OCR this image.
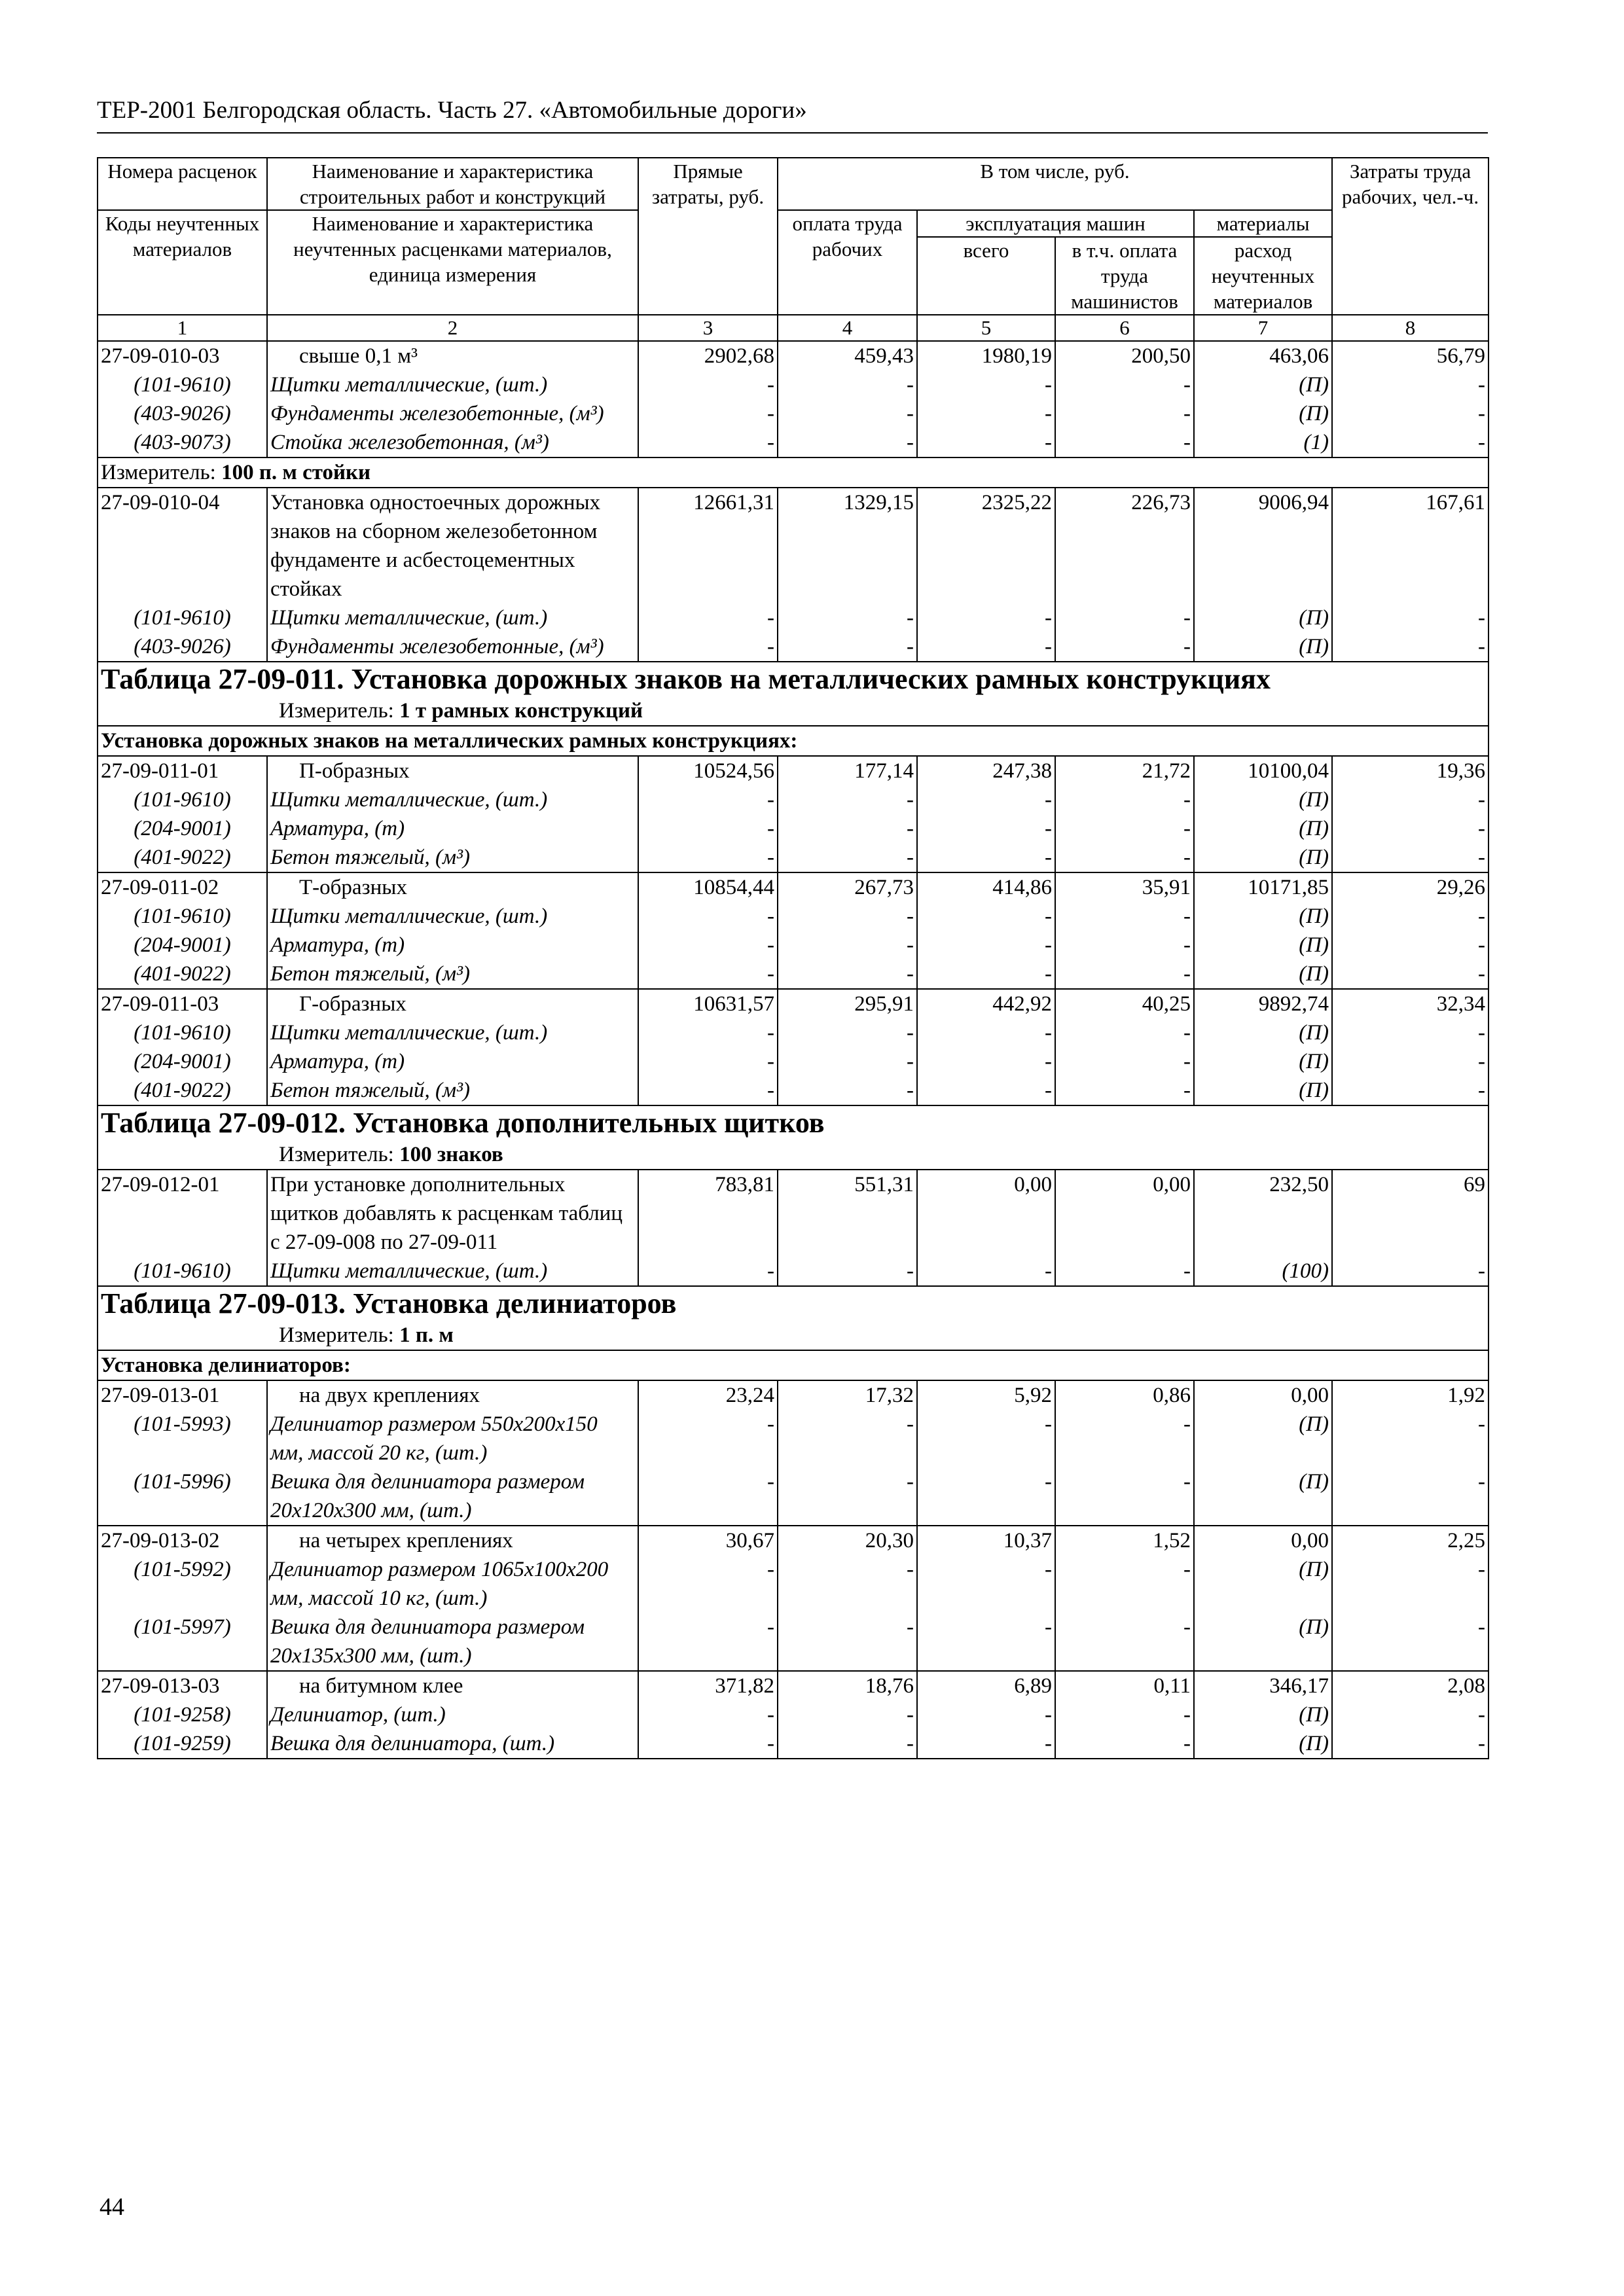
ТЕР-2001 Белгородская область. Часть 27. «Автомобильные дороги»
Номера расценок	Наименование и характеристика строительных работ и конструкций	Прямые затраты, руб.	В том числе, руб.				Затраты труда рабочих, чел.-ч.
Коды неучтенных материалов	Наименование и характеристика неучтенных расценками материалов, единица измерения		оплата труда рабочих	эксплуатация машин		материалы	
				всего	в т.ч. оплата труда машинистов	расход неучтенных материалов	
1	2	3	4	5	6	7	8
27-09-010-03	свыше 0,1 м³	2902,68	459,43	1980,19	200,50	463,06	56,79
(101-9610)	Щитки металлические, (шт.)	-	-	-	-	(П)	-
(403-9026)	Фундаменты железобетонные, (м³)	-	-	-	-	(П)	-
(403-9073)	Стойка железобетонная, (м³)	-	-	-	-	(1)	-
Измеритель: 100 п. м стойки							
27-09-010-04	Установка одностоечных дорожных знаков на сборном железобетонном фундаменте и асбестоцементных стойках	12661,31	1329,15	2325,22	226,73	9006,94	167,61
(101-9610)	Щитки металлические, (шт.)	-	-	-	-	(П)	-
(403-9026)	Фундаменты железобетонные, (м³)	-	-	-	-	(П)	-
Таблица 27-09-011. Установка дорожных знаков на металлических рамных конструкциях							
Измеритель: 1 т рамных конструкций							
Установка дорожных знаков на металлических рамных конструкциях:							
27-09-011-01	П-образных	10524,56	177,14	247,38	21,72	10100,04	19,36
(101-9610)	Щитки металлические, (шт.)	-	-	-	-	(П)	-
(204-9001)	Арматура, (т)	-	-	-	-	(П)	-
(401-9022)	Бетон тяжелый, (м³)	-	-	-	-	(П)	-
27-09-011-02	Т-образных	10854,44	267,73	414,86	35,91	10171,85	29,26
(101-9610)	Щитки металлические, (шт.)	-	-	-	-	(П)	-
(204-9001)	Арматура, (т)	-	-	-	-	(П)	-
(401-9022)	Бетон тяжелый, (м³)	-	-	-	-	(П)	-
27-09-011-03	Г-образных	10631,57	295,91	442,92	40,25	9892,74	32,34
(101-9610)	Щитки металлические, (шт.)	-	-	-	-	(П)	-
(204-9001)	Арматура, (т)	-	-	-	-	(П)	-
(401-9022)	Бетон тяжелый, (м³)	-	-	-	-	(П)	-
Таблица 27-09-012. Установка дополнительных щитков							
Измеритель: 100 знаков							
27-09-012-01	При установке дополнительных щитков добавлять к расценкам таблиц с 27-09-008 по 27-09-011	783,81	551,31	0,00	0,00	232,50	69
(101-9610)	Щитки металлические, (шт.)	-	-	-	-	(100)	-
Таблица 27-09-013. Установка делиниаторов							
Измеритель: 1 п. м							
Установка делиниаторов:							
27-09-013-01	на двух креплениях	23,24	17,32	5,92	0,86	0,00	1,92
(101-5993)	Делиниатор размером 550х200х150 мм, массой 20 кг, (шт.)	-	-	-	-	(П)	-
(101-5996)	Вешка для делиниатора размером 20х120х300 мм, (шт.)	-	-	-	-	(П)	-
27-09-013-02	на четырех креплениях	30,67	20,30	10,37	1,52	0,00	2,25
(101-5992)	Делиниатор размером 1065х100х200 мм, массой 10 кг, (шт.)	-	-	-	-	(П)	-
(101-5997)	Вешка для делиниатора размером 20х135х300 мм, (шт.)	-	-	-	-	(П)	-
27-09-013-03	на битумном клее	371,82	18,76	6,89	0,11	346,17	2,08
(101-9258)	Делиниатор, (шт.)	-	-	-	-	(П)	-
(101-9259)	Вешка для делиниатора, (шт.)	-	-	-	-	(П)	-
44
